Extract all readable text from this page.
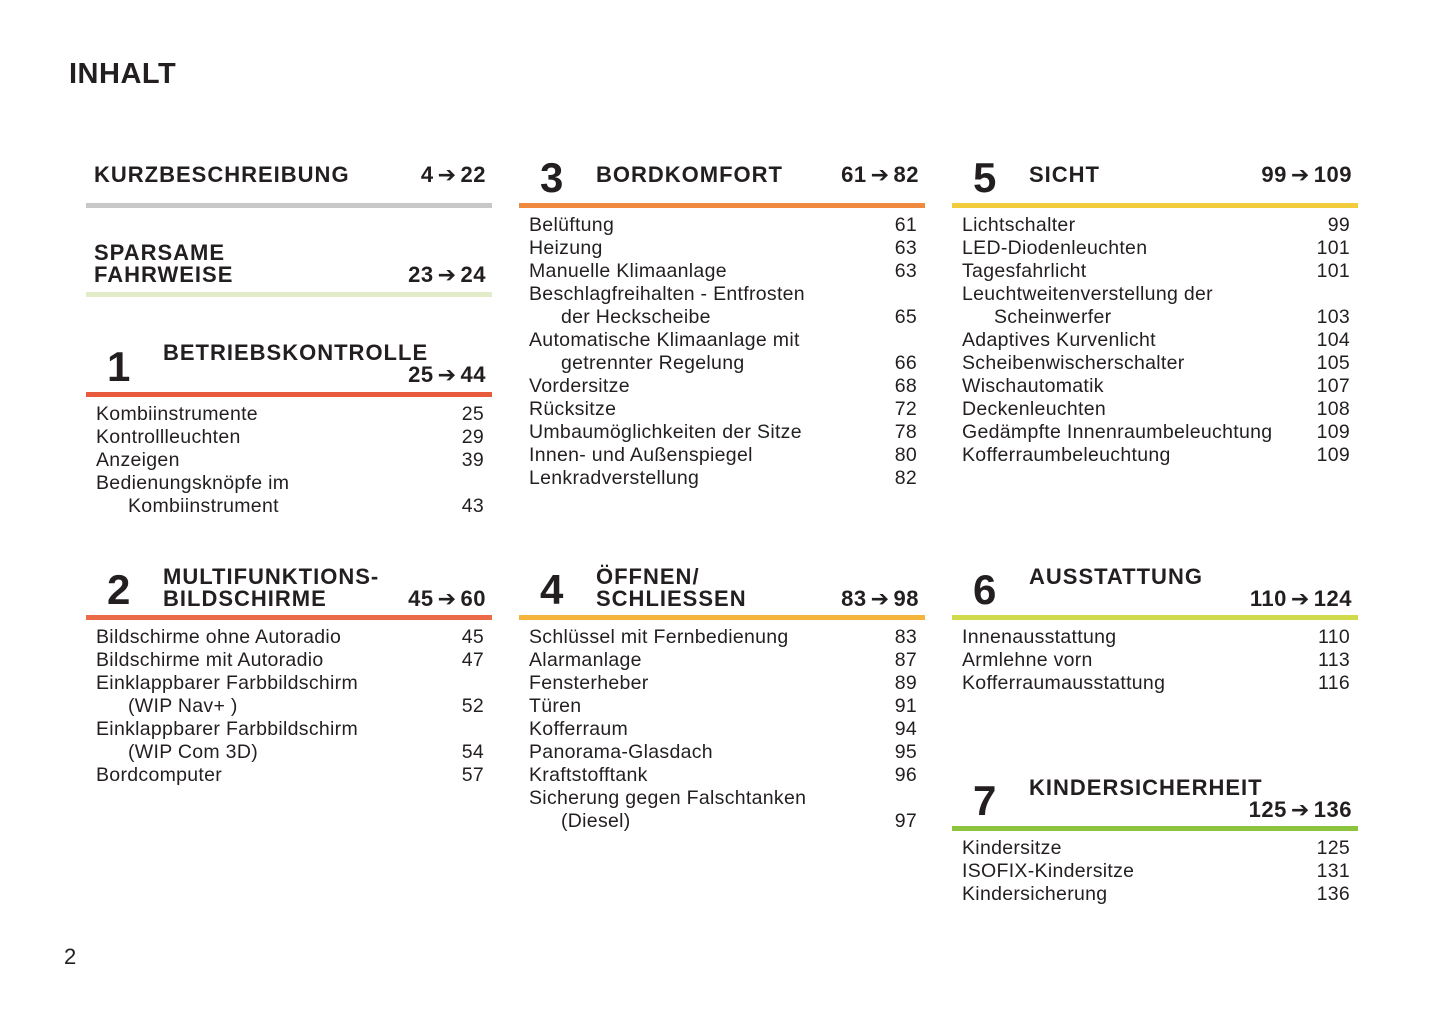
INHALT
KURZBESCHREIBUNG	4 ➔ 22
SPARSAME
FAHRWEISE	23 ➔ 24
1 BETRIEBSKONTROLLE
25 ➔ 44
Kombiinstrumente	25
Kontrollleuchten	29
Anzeigen	39
Bedienungsknöpfe im
Kombiinstrument	43
2 MULTIFUNKTIONS-
BILDSCHIRME	45 ➔ 60
Bildschirme ohne Autoradio	45
Bildschirme mit Autoradio	47
Einklappbarer Farbbildschirm
(WIP Nav+ )	52
Einklappbarer Farbbildschirm
(WIP Com 3D)	54
Bordcomputer	57
3 BORDKOMFORT	61 ➔ 82
Belüftung	61
Heizung	63
Manuelle Klimaanlage	63
Beschlagfreihalten - Entfrosten
der Heckscheibe	65
Automatische Klimaanlage mit
getrennter Regelung	66
Vordersitze	68
Rücksitze	72
Umbaumöglichkeiten der Sitze	78
Innen- und Außenspiegel	80
Lenkradverstellung	82
4 ÖFFNEN/
SCHLIESSEN	83 ➔ 98
Schlüssel mit Fernbedienung	83
Alarmanlage	87
Fensterheber	89
Türen	91
Kofferraum	94
Panorama-Glasdach	95
Kraftstofftank	96
Sicherung gegen Falschtanken
(Diesel)	97
5 SICHT	99 ➔ 109
Lichtschalter	99
LED-Diodenleuchten	101
Tagesfahrlicht	101
Leuchtweitenverstellung der
Scheinwerfer	103
Adaptives Kurvenlicht	104
Scheibenwischerschalter	105
Wischautomatik	107
Deckenleuchten	108
Gedämpfte Innenraumbeleuchtung 109
Kofferraumbeleuchtung	109
6 AUSSTATTUNG
110 ➔ 124
Innenausstattung	110
Armlehne vorn	113
Kofferraumausstattung	116
7 KINDERSICHERHEIT
125 ➔ 136
Kindersitze	125
ISOFIX-Kindersitze	131
Kindersicherung	136
2
